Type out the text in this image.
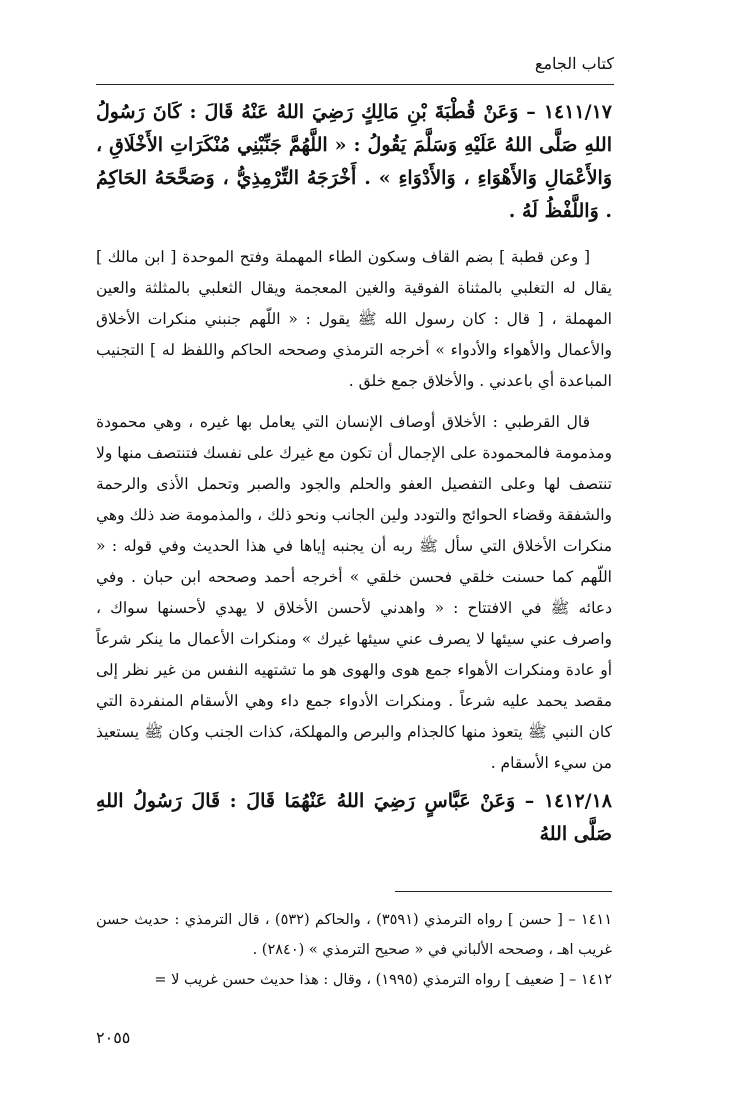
كتاب الجامع

١٤١١/١٧ – وَعَنْ قُطْبَةَ بْنِ مَالِكٍ رَضِيَ اللهُ عَنْهُ قَالَ : كَانَ رَسُولُ اللهِ صَلَّى اللهُ عَلَيْهِ وَسَلَّمَ يَقُولُ : « اللَّهُمَّ جَنِّبْنِي مُنْكَرَاتِ الأَخْلَاقِ ، وَالأَعْمَالِ وَالأَهْوَاءِ ، وَالأَدْوَاءِ » . أَخْرَجَهُ التِّرْمِذِيُّ ، وَصَحَّحَهُ الحَاكِمُ . وَاللَّفْظُ لَهُ .

[ وعن قطبة ] بضم القاف وسكون الطاء المهملة وفتح الموحدة [ ابن مالك ] يقال له التغلبي بالمثناة الفوقية والغين المعجمة ويقال الثعلبي بالمثلثة والعين المهملة ، [ قال : كان رسول الله ﷺ يقول : « اللّهم جنبني منكرات الأخلاق والأعمال والأهواء والأدواء » أخرجه الترمذي وصححه الحاكم واللفظ له ] التجنيب المباعدة أي باعدني . والأخلاق جمع خلق .

قال القرطبي : الأخلاق أوصاف الإنسان التي يعامل بها غيره ، وهي محمودة ومذمومة فالمحمودة على الإجمال أن تكون مع غيرك على نفسك فتنتصف منها ولا تنتصف لها وعلى التفصيل العفو والحلم والجود والصبر وتحمل الأذى والرحمة والشفقة وقضاء الحوائج والتودد ولين الجانب ونحو ذلك ، والمذمومة ضد ذلك وهي منكرات الأخلاق التي سأل ﷺ ربه أن يجنبه إياها في هذا الحديث وفي قوله : « اللّهم كما حسنت خلقي فحسن خلقي » أخرجه أحمد وصححه ابن حبان . وفي دعائه ﷺ في الافتتاح : « واهدني لأحسن الأخلاق لا يهدي لأحسنها سواك ، واصرف عني سيئها لا يصرف عني سيئها غيرك » ومنكرات الأعمال ما ينكر شرعاً أو عادة ومنكرات الأهواء جمع هوى والهوى هو ما تشتهيه النفس من غير نظر إلى مقصد يحمد عليه شرعاً . ومنكرات الأدواء جمع داء وهي الأسقام المنفردة التي كان النبي ﷺ يتعوذ منها كالجذام والبرص والمهلكة، كذات الجنب وكان ﷺ يستعيذ من سيء الأسقام .

١٤١٢/١٨ – وَعَنْ عَبَّاسٍ رَضِيَ اللهُ عَنْهُمَا قَالَ : قَالَ رَسُولُ اللهِ صَلَّى اللهُ

١٤١١ – [ حسن ] رواه الترمذي (٣٥٩١) ، والحاكم (٥٣٢) ، قال الترمذي : حديث حسن غريب اهـ ، وصححه الألباني في « صحيح الترمذي » (٢٨٤٠) .

١٤١٢ – [ ضعيف ] رواه الترمذي (١٩٩٥) ، وقال : هذا حديث حسن غريب لا =

٢٠٥٥
